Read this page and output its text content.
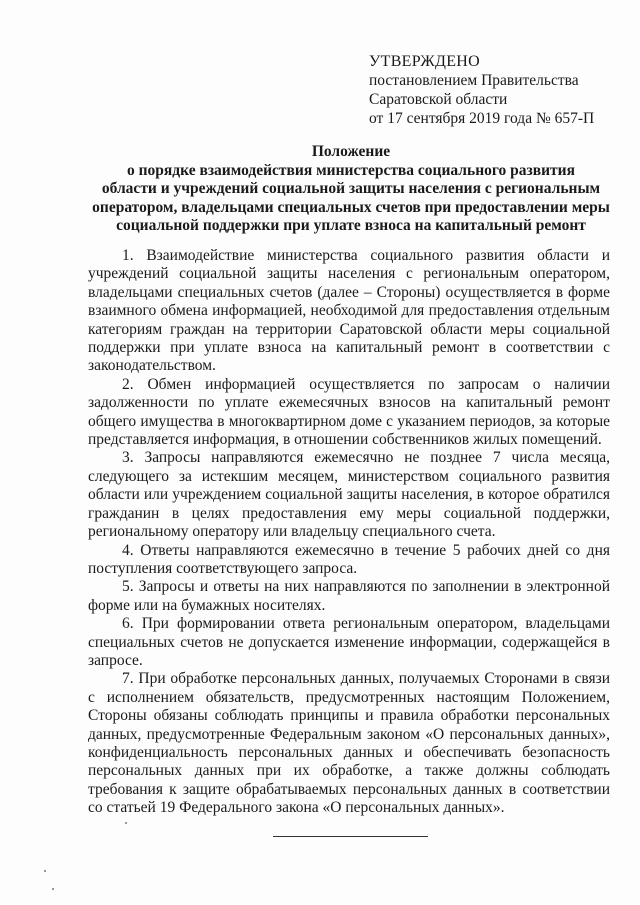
УТВЕРЖДЕНО
постановлением Правительства
Саратовской области
от 17 сентября 2019 года № 657-П
Положение
о порядке взаимодействия министерства социального развития
области и учреждений социальной защиты населения с региональным
оператором, владельцами специальных счетов при предоставлении меры
социальной поддержки при уплате взноса на капитальный ремонт

1. Взаимодействие министерства социального развития области и учреждений социальной защиты населения с региональным оператором, владельцами специальных счетов (далее – Стороны) осуществляется в форме взаимного обмена информацией, необходимой для предоставления отдельным категориям граждан на территории Саратовской области меры социальной поддержки при уплате взноса на капитальный ремонт в соответствии с законодательством.

2. Обмен информацией осуществляется по запросам о наличии задолженности по уплате ежемесячных взносов на капитальный ремонт общего имущества в многоквартирном доме с указанием периодов, за которые представляется информация, в отношении собственников жилых помещений.

3. Запросы направляются ежемесячно не позднее 7 числа месяца, следующего за истекшим месяцем, министерством социального развития области или учреждением социальной защиты населения, в которое обратился гражданин в целях предоставления ему меры социальной поддержки, региональному оператору или владельцу специального счета.

4. Ответы направляются ежемесячно в течение 5 рабочих дней со дня поступления соответствующего запроса.

5. Запросы и ответы на них направляются по заполнении в электронной форме или на бумажных носителях.

6. При формировании ответа региональным оператором, владельцами специальных счетов не допускается изменение информации, содержащейся в запросе.

7. При обработке персональных данных, получаемых Сторонами в связи с исполнением обязательств, предусмотренных настоящим Положением, Стороны обязаны соблюдать принципы и правила обработки персональных данных, предусмотренные Федеральным законом «О персональных данных», конфиденциальность персональных данных и обеспечивать безопасность персональных данных при их обработке, а также должны соблюдать требования к защите обрабатываемых персональных данных в соответствии со статьей 19 Федерального закона «О персональных данных».
